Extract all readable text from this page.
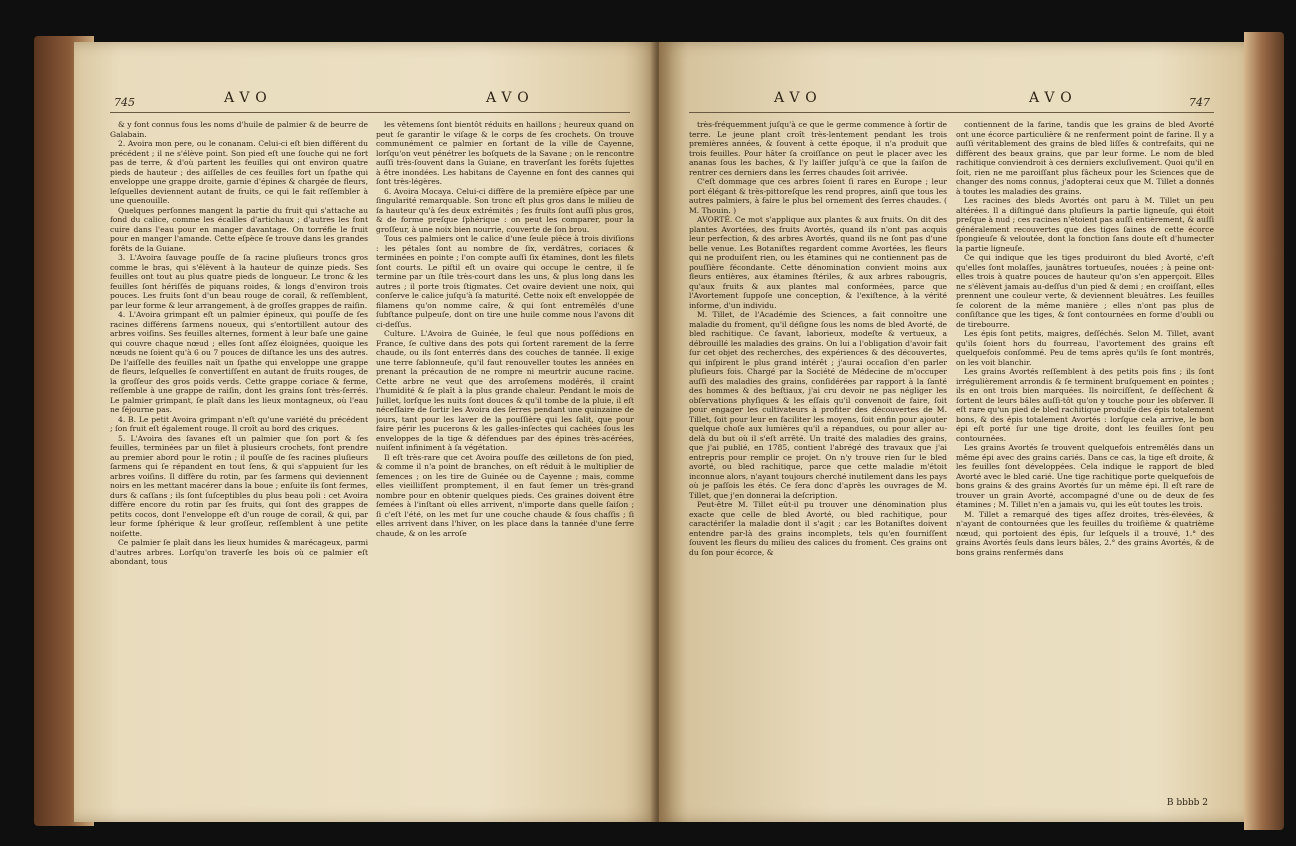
745	AVO	AVO

& y font connus fous les noms d'huile de palmier & de beurre de Galabain.

2. Avoira mon pere, ou le conanam. Celui-ci eſt bien différent du précédent ; il ne s'élève point. Son pied eſt une ſouche qui ne fort pas de terre, & d'où partent les feuilles qui ont environ quatre pieds de hauteur ; des aiſſelles de ces feuilles fort un ſpathe qui enveloppe une grappe droite, garnie d'épines & chargée de fleurs, leſquelles deviennent autant de fruits, ce qui le fait reſſembler à une quenouille.

Quelques perſonnes mangent la partie du fruit qui s'attache au fond du calice, comme les écailles d'artichaux ; d'autres les font cuire dans l'eau pour en manger davantage. On torréfie le fruit pour en manger l'amande. Cette eſpèce ſe trouve dans les grandes forêts de la Guiane.

3. L'Avoira ſauvage pouſſe de ſa racine pluſieurs troncs gros comme le bras, qui s'élèvent à la hauteur de quinze pieds. Ses feuilles ont tout au plus quatre pieds de longueur. Le tronc & les feuilles ſont hériſſés de piquans roides, & longs d'environ trois pouces. Les fruits ſont d'un beau rouge de corail, & reſſemblent, par leur forme & leur arrangement, à de groſſes grappes de raiſin.

4. L'Avoira grimpant eſt un palmier épineux, qui pouſſe de ſes racines différens ſarmens noueux, qui s'entortillent autour des arbres voiſins. Ses feuilles alternes, forment à leur baſe une gaine qui couvre chaque nœud ; elles ſont aſſez éloignées, quoique les nœuds ne ſoient qu'à 6 ou 7 pouces de diſtance les uns des autres. De l'aiſſelle des feuilles naît un ſpathe qui enveloppe une grappe de fleurs, leſquelles ſe convertiſſent en autant de fruits rouges, de la groſſeur des gros poids verds. Cette grappe coriace & ferme, reſſemble à une grappe de raiſin, dont les grains ſont très-ſerrés. Le palmier grimpant, ſe plaît dans les lieux montagneux, où l'eau ne ſéjourne pas.

4. B. Le petit Avoira grimpant n'eſt qu'une variété du précédent ; ſon fruit eſt également rouge. Il croît au bord des criques.

5. L'Avoira des ſavanes eſt un palmier que ſon port & ſes feuilles, terminées par un filet à plusieurs crochets, font prendre au premier abord pour le rotin ; il pouſſe de ſes racines pluſieurs ſarmens qui ſe répandent en tout ſens, & qui s'appuient ſur les arbres voiſins. Il diffère du rotin, par ſes ſarmens qui deviennent noirs en les mettant macérer dans la boue ; enſuite ils ſont fermes, durs & caſſans ; ils ſont ſuſceptibles du plus beau poli : cet Avoira diffère encore du rotin par ſes fruits, qui ſont des grappes de petits cocos, dont l'enveloppe eſt d'un rouge de corail, & qui, par leur forme ſphérique & leur groſſeur, reſſemblent à une petite noiſette.

Ce palmier ſe plaît dans les lieux humides & marécageux, parmi d'autres arbres. Lorſqu'on traverſe les bois où ce palmier eſt abondant, tous

les vêtemens ſont bientôt réduits en haillons ; heureux quand on peut ſe garantir le viſage & le corps de ſes crochets. On trouve communément ce palmier en ſortant de la ville de Cayenne, lorſqu'on veut pénétrer les boſquets de la Savane ; on le rencontre auſſi très-ſouvent dans la Guiane, en traverſant les forêts ſujettes à être inondées. Les habitans de Cayenne en font des cannes qui ſont très-légères.

6. Avoira Mocaya. Celui-ci diffère de la première eſpèce par une ſingularité remarquable. Son tronc eſt plus gros dans le milieu de ſa hauteur qu'à ſes deux extrémités ; ſes fruits ſont auſſi plus gros, & de forme preſque ſphérique : on peut les comparer, pour la groſſeur, à une noix bien nourrie, couverte de ſon brou.

Tous ces palmiers ont le calice d'une ſeule pièce à trois diviſions : les pétales ſont au nombre de ſix, verdâtres, coriaces & terminées en pointe ; l'on compte auſſi ſix étamines, dont les filets ſont courts. Le piſtil eſt un ovaire qui occupe le centre, il ſe termine par un ſtile très-court dans les uns, & plus long dans les autres ; il porte trois ſtigmates. Cet ovaire devient une noix, qui conſerve le calice juſqu'à ſa maturité. Cette noix eſt enveloppée de filamens qu'on nomme caïre, & qui ſont entremêlés d'une ſubſtance pulpeuſe, dont on tire une huile comme nous l'avons dit ci-deſſus.

Culture. L'Avoira de Guinée, le ſeul que nous poſſédions en France, ſe cultive dans des pots qui ſortent rarement de la ſerre chaude, ou ils ſont enterrés dans des couches de tannée. Il exige une terre ſablonneuſe, qu'il faut renouveller toutes les années en prenant la précaution de ne rompre ni meurtrir aucune racine. Cette arbre ne veut que des arroſemens modérés, il craint l'humidité & ſe plaît à la plus grande chaleur. Pendant le mois de Juillet, lorſque les nuits ſont douces & qu'il tombe de la pluie, il eſt néceſſaire de ſortir les Avoira des ſerres pendant une quinzaine de jours, tant pour les laver de la pouſſière qui les ſalit, que pour faire périr les pucerons & les galles-inſectes qui cachées ſous les enveloppes de la tige & défendues par des épines très-acérées, nuiſent infiniment à ſa végétation.

Il eſt très-rare que cet Avoira pouſſe des œilletons de ſon pied, & comme il n'a point de branches, on eſt réduit à le multiplier de ſemences ; on les tire de Guinée ou de Cayenne ; mais, comme elles vieilliſſent promptement, il en faut ſemer un très-grand nombre pour en obtenir quelques pieds. Ces graines doivent être ſemées à l'inſtant où elles arrivent, n'importe dans quelle ſaiſon ; ſi c'eſt l'été, on les met ſur une couche chaude & ſous chaſſis ; ſi elles arrivent dans l'hiver, on les place dans la tannée d'une ſerre chaude, & on les arroſe

AVO	AVO	747

très-fréquemment juſqu'à ce que le germe commence à ſortir de terre. Le jeune plant croît très-lentement pendant les trois premières années, & ſouvent à cette époque, il n'a produit que trois feuilles. Pour hâter ſa croiſſance on peut le placer avec les ananas ſous les baches, & l'y laiſſer juſqu'à ce que la ſaiſon de rentrer ces derniers dans les ſerres chaudes ſoit arrivée.

C'eſt dommage que ces arbres ſoient ſi rares en Europe ; leur port élégant & très-pittoreſque les rend propres, ainſi que tous les autres palmiers, à faire le plus bel ornement des ſerres chaudes. ( M. Thouin. )

AVORTÉ. Ce mot s'applique aux plantes & aux fruits. On dit des plantes Avortées, des fruits Avortés, quand ils n'ont pas acquis leur perfection, & des arbres Avortés, quand ils ne ſont pas d'une belle venue. Les Botaniſtes regardent comme Avortées, les fleurs qui ne produiſent rien, ou les étamines qui ne contiennent pas de pouſſière fécondante. Cette dénomination convient moins aux fleurs entières, aux étamines ſtériles, & aux arbres rabougris, qu'aux fruits & aux plantes mal conformées, parce que l'Avortement ſuppoſe une conception, & l'exiſtence, à la vérité informe, d'un individu.

M. Tillet, de l'Académie des Sciences, a fait connoître une maladie du froment, qu'il déſigne ſous les noms de bled Avorté, de bled rachitique. Ce ſavant, laborieux, modeſte & vertueux, a débrouillé les maladies des grains. On lui a l'obligation d'avoir fait ſur cet objet des recherches, des expériences & des découvertes, qui inſpirent le plus grand intérêt ; j'aurai occaſion d'en parler pluſieurs fois. Chargé par la Société de Médecine de m'occuper auſſi des maladies des grains, conſidérées par rapport à la ſanté des hommes & des beſtiaux, j'ai cru devoir ne pas négliger les obſervations phyſiques & les eſſais qu'il convenoit de faire, ſoit pour engager les cultivateurs à profiter des découvertes de M. Tillet, ſoit pour leur en faciliter les moyens, ſoit enfin pour ajouter quelque choſe aux lumières qu'il a répandues, ou pour aller au-delà du but où il s'eſt arrêté. Un traité des maladies des grains, que j'ai publié, en 1785, contient l'abrégé des travaux que j'ai entrepris pour remplir ce projet. On n'y trouve rien ſur le bled avorté, ou bled rachitique, parce que cette maladie m'étoit inconnue alors, n'ayant toujours cherché inutilement dans les pays où je paſſois les étés. Ce ſera donc d'après les ouvrages de M. Tillet, que j'en donnerai la deſcription.

Peut-être M. Tillet eût-il pu trouver une dénomination plus exacte que celle de bled Avorté, ou bled rachitique, pour caractériſer la maladie dont il s'agit ; car les Botaniſtes doivent entendre par-là des grains incomplets, tels qu'en fourniſſent ſouvent les fleurs du milieu des calices du froment. Ces grains ont du ſon pour écorce, &

contiennent de la farine, tandis que les grains de bled Avorté ont une écorce particulière & ne renferment point de farine. Il y a auſſi véritablement des grains de bled liſſes & contrefaits, qui ne diffèrent des beaux grains, que par leur forme. Le nom de bled rachitique conviendroit à ces derniers excluſivement. Quoi qu'il en ſoit, rien ne me paroiſſant plus fâcheux pour les Sciences que de changer des noms connus, j'adopterai ceux que M. Tillet a donnés à toutes les maladies des grains.

Les racines des bleds Avortés ont paru à M. Tillet un peu altérées. Il a diſtingué dans pluſieurs la partie ligneuſe, qui étoit preſque à nud ; ces racines n'étoient pas auſſi entièrement, & auſſi généralement recouvertes que des tiges ſaines de cette écorce ſpongieuſe & veloutée, dont la fonction ſans doute eſt d'humecter la partie ligneuſe.

Ce qui indique que les tiges produiront du bled Avorté, c'eſt qu'elles ſont molaſſes, jaunâtres tortueuſes, nouées ; à peine ont-elles trois à quatre pouces de hauteur qu'on s'en apperçoit. Elles ne s'élèvent jamais au-deſſus d'un pied & demi ; en croiſſant, elles prennent une couleur verte, & deviennent bleuâtres. Les feuilles ſe colorent de la même manière ; elles n'ont pas plus de conſiſtance que les tiges, & ſont contournées en forme d'oubli ou de tirebourre.

Les épis ſont petits, maigres, deſſéchés. Selon M. Tillet, avant qu'ils ſoient hors du fourreau, l'avortement des grains eſt quelquefois conſommé. Peu de tems après qu'ils ſe ſont montrés, on les voit blanchir.

Les grains Avortés reſſemblent à des petits pois fins ; ils ſont irrégulièrement arrondis & ſe terminent bruſquement en pointes ; ils en ont trois bien marquées. Ils noirciſſent, ſe deſſèchent & ſortent de leurs bâles auſſi-tôt qu'on y touche pour les obſerver. Il eſt rare qu'un pied de bled rachitique produiſe des épis totalement bons, & des épis totalement Avortés : lorſque cela arrive, le bon épi eſt porté ſur une tige droite, dont les feuilles ſont peu contournées.

Les grains Avortés ſe trouvent quelquefois entremêlés dans un même épi avec des grains cariés. Dans ce cas, la tige eſt droite, & les feuilles ſont développées. Cela indique le rapport de bled Avorté avec le bled carié. Une tige rachitique porte quelquefois de bons grains & des grains Avortés ſur un même épi. Il eſt rare de trouver un grain Avorté, accompagné d'une ou de deux de ſes étamines ; M. Tillet n'en a jamais vu, qui les eût toutes les trois.

M. Tillet a remarqué des tiges aſſez droites, très-élevées, & n'ayant de contournées que les feuilles du troiſième & quatrième nœud, qui portoient des épis, ſur leſquels il a trouvé, 1.° des grains Avortés ſeuls dans leurs bâles, 2.° des grains Avortés, & de bons grains renfermés dans

B bbbb 2
